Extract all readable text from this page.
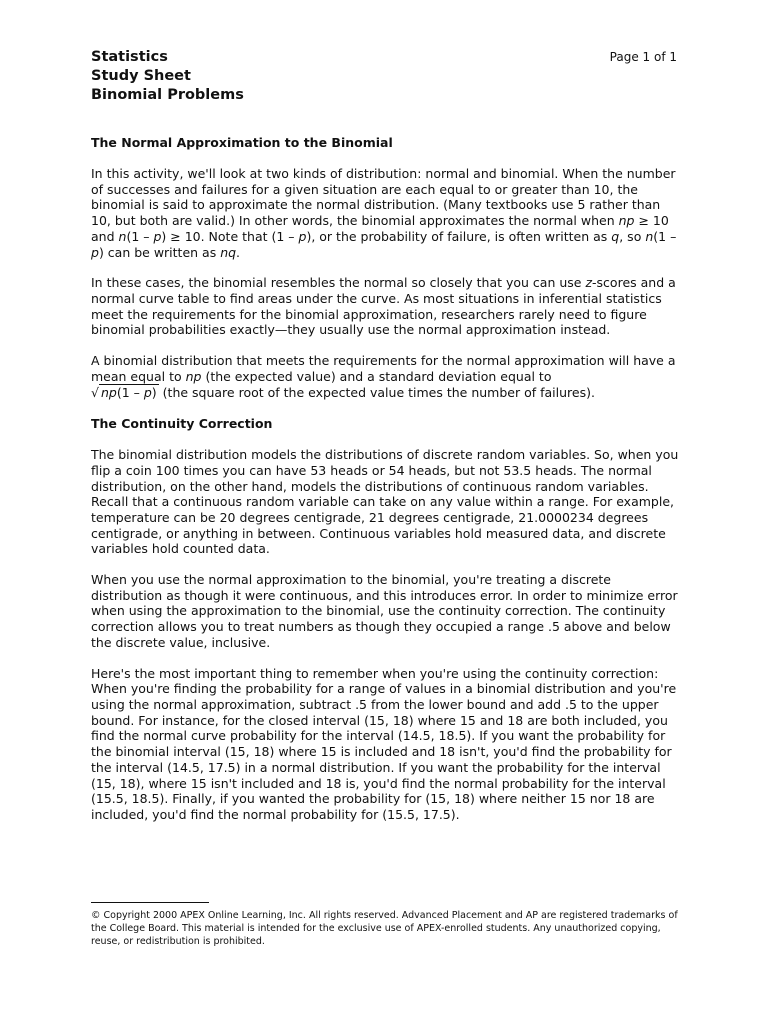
Statistics
Study Sheet
Binomial Problems
Page 1 of 1
The Normal Approximation to the Binomial

In this activity, we'll look at two kinds of distribution: normal and binomial. When the number of successes and failures for a given situation are each equal to or greater than 10, the binomial is said to approximate the normal distribution. (Many textbooks use 5 rather than 10, but both are valid.) In other words, the binomial approximates the normal when np ≥ 10 and n(1 – p) ≥ 10. Note that (1 – p), or the probability of failure, is often written as q, so n(1 – p) can be written as nq.

In these cases, the binomial resembles the normal so closely that you can use z-scores and a normal curve table to find areas under the curve. As most situations in inferential statistics meet the requirements for the binomial approximation, researchers rarely need to figure binomial probabilities exactly—they usually use the normal approximation instead.

A binomial distribution that meets the requirements for the normal approximation will have a mean equal to np (the expected value) and a standard deviation equal to
√ np(1 – p) (the square root of the expected value times the number of failures).

The Continuity Correction

The binomial distribution models the distributions of discrete random variables. So, when you flip a coin 100 times you can have 53 heads or 54 heads, but not 53.5 heads. The normal distribution, on the other hand, models the distributions of continuous random variables. Recall that a continuous random variable can take on any value within a range. For example, temperature can be 20 degrees centigrade, 21 degrees centigrade, 21.0000234 degrees centigrade, or anything in between. Continuous variables hold measured data, and discrete variables hold counted data.

When you use the normal approximation to the binomial, you're treating a discrete distribution as though it were continuous, and this introduces error. In order to minimize error when using the approximation to the binomial, use the continuity correction. The continuity correction allows you to treat numbers as though they occupied a range .5 above and below the discrete value, inclusive.

Here's the most important thing to remember when you're using the continuity correction: When you're finding the probability for a range of values in a binomial distribution and you're using the normal approximation, subtract .5 from the lower bound and add .5 to the upper bound. For instance, for the closed interval (15, 18) where 15 and 18 are both included, you find the normal curve probability for the interval (14.5, 18.5). If you want the probability for the binomial interval (15, 18) where 15 is included and 18 isn't, you'd find the probability for the interval (14.5, 17.5) in a normal distribution. If you want the probability for the interval (15, 18), where 15 isn't included and 18 is, you'd find the normal probability for the interval (15.5, 18.5). Finally, if you wanted the probability for (15, 18) where neither 15 nor 18 are included, you'd find the normal probability for (15.5, 17.5).

© Copyright 2000 APEX Online Learning, Inc. All rights reserved. Advanced Placement and AP are registered trademarks of the College Board. This material is intended for the exclusive use of APEX-enrolled students. Any unauthorized copying, reuse, or redistribution is prohibited.
